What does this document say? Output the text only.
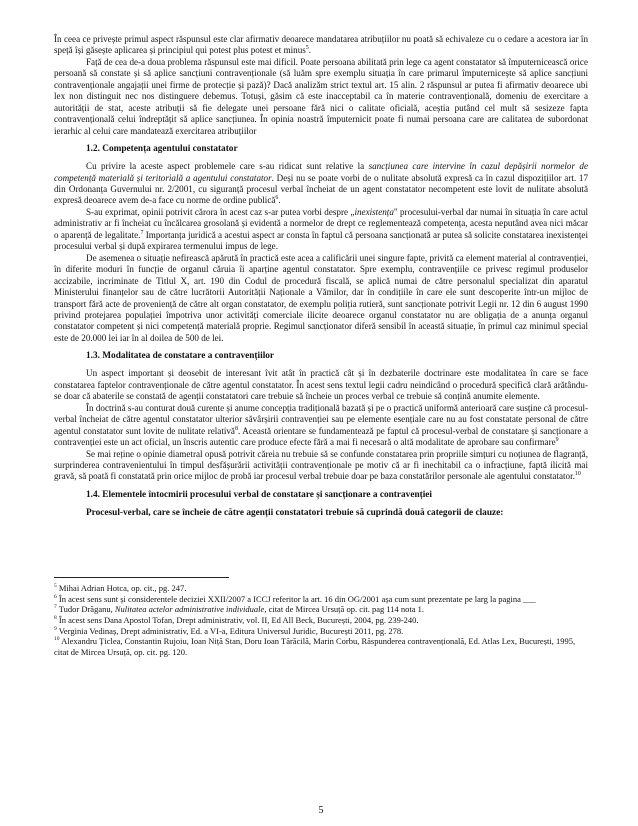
În ceea ce privește primul aspect răspunsul este clar afirmativ deoarece mandatarea atribuțiilor nu poată să echivaleze cu o cedare a acestora iar în speță își găsește aplicarea și principiul qui potest plus potest et minus$^5$.

Față de cea de-a doua problema răspunsul este mai dificil. Poate persoana abilitată prin lege ca agent constatator să împuternicească orice persoană să constate și să aplice sancțiuni contravenționale (să luăm spre exemplu situația în care primarul împuternicește să aplice sancțiuni contravenționale angajații unei firme de protecție și pază)? Dacă analizăm strict textul art. 15 alin. 2 răspunsul ar putea fi afirmativ deoarece ubi lex non distinguit nec nos distinguere debemus. Totuși, găsim că este inacceptabil ca în materie contravențională, domeniu de exercitare a autorității de stat, aceste atribuții să fie delegate unei persoane fără nici o calitate oficială, aceștia putând cel mult să sesizeze fapta contravențională celui îndreptățit să aplice sancțiunea. În opinia noastră împuternicit poate fi numai persoana care are calitatea de subordonat ierarhic al celui care mandatează exercitarea atribuțiilor

1.2. Competența agentului constatator

Cu privire la aceste aspect problemele care s-au ridicat sunt relative la sancțiunea care intervine în cazul depășirii normelor de competență materială și teritorială a agentului constatator. Deși nu se poate vorbi de o nulitate absolută expresă ca în cazul dispozițiilor art. 17 din Ordonanța Guvernului nr. 2/2001, cu siguranță procesul verbal încheiat de un agent constatator necompetent este lovit de nulitate absolută expresă deoarece avem de-a face cu norme de ordine publică$^6$.

S-au exprimat, opinii potrivit cărora în acest caz s-ar putea vorbi despre „inexistența" procesului-verbal dar numai în situația în care actul administrativ ar fi încheiat cu încălcarea grosolană și evidentă a normelor de drept ce reglementează competența, acesta neputând avea nici măcar o aparență de legalitate.$^7$ Importanța juridică a acestui aspect ar consta în faptul că persoana sancționată ar putea să solicite constatarea inexistenței procesului verbal și după expirarea termenului impus de lege.

De asemenea o situație nefirească apărută în practică este acea a calificării unei singure fapte, privită ca element material al contravenției, în diferite moduri în funcție de organul căruia îi aparține agentul constatator. Spre exemplu, contravențiile ce privesc regimul produselor accizabile, incriminate de Titlul X, art. 190 din Codul de procedură fiscală, se aplică numai de către personalul specializat din aparatul Ministerului finanțelor sau de către lucrătorii Autorității Naționale a Vămilor, dar în condițiile în care ele sunt descoperite într-un mijloc de transport fără acte de proveniență de către alt organ constatator, de exemplu poliția rutieră, sunt sancționate potrivit Legii nr. 12 din 6 august 1990 privind protejarea populației împotriva unor activități comerciale ilicite deoarece organul constatator nu are obligația de a anunța organul constatator competent și nici competență materială proprie. Regimul sancționator diferă sensibil în această situație, în primul caz minimul special este de 20.000 lei iar în al doilea de 500 de lei.

1.3. Modalitatea de constatare a contravențiilor

Un aspect important și deosebit de interesant îvit atât în practică cât și în dezbaterile doctrinare este modalitatea în care se face constatarea faptelor contravenționale de către agentul constatator. În acest sens textul legii cadru neindicând o procedură specifică clară arătându-se doar că abaterile se constată de agenții constatatori care trebuie să încheie un proces verbal ce trebuie să conțină anumite elemente.

În doctrină s-au conturat două curente și anume concepția tradițională bazată și pe o practică uniformă anterioară care susține că procesul-verbal încheiat de către agentul constatator ulterior săvârșirii contravenției sau pe elemente esențiale care nu au fost constatate personal de către agentul constatator sunt lovite de nulitate relativă$^8$. Această orientare se fundamentează pe faptul că procesul-verbal de constatare și sancționare a contravenției este un act oficial, un înscris autentic care produce efecte fără a mai fi necesară o altă modalitate de aprobare sau confirmare$^9$

Se mai reține o opinie diametral opusă potrivit căreia nu trebuie să se confunde constatarea prin propriile simțuri cu noțiunea de flagranță, surprinderea contravenientului în timpul desfășurării activității contravenționale pe motiv că ar fi inechitabil ca o infracțiune, faptă ilicită mai gravă, să poată fi constatată prin orice mijloc de probă iar procesul verbal trebuie doar pe baza constatărilor personale ale agentului constatator.$^{10}$

1.4. Elementele întocmirii procesului verbal de constatare și sancționare a contravenției
Procesul-verbal, care se încheie de către agenții constatatori trebuie să cuprindă două categorii de clauze:

$^5$ Mihai Adrian Hotca, op. cit., pg. 247.

$^6$ În acest sens sunt și considerentele deciziei XXII/2007 a ICCJ referitor la art. 16 din OG/2001 așa cum sunt prezentate pe larg la pagina ___

$^7$ Tudor Drăganu, Nulitatea actelor administrative individuale, citat de Mircea Ursuță op. cit. pag 114 nota 1.

$^8$ În acest sens Dana Apostol Tofan, Drept administrativ, vol. II, Ed All Beck, București, 2004, pg. 239-240.

$^9$ Verginia Vedinaș, Drept administrativ, Ed. a VI-a, Editura Universul Juridic, București 2011, pg. 278.

$^{10}$ Alexandru Țiclea, Constantin Rujoiu, Ioan Niță Stan, Doru Ioan Tărăcilă, Marin Corbu, Răspunderea contravențională, Ed. Atlas Lex, București, 1995, citat de Mircea Ursuță, op. cit. pg. 120.

5
